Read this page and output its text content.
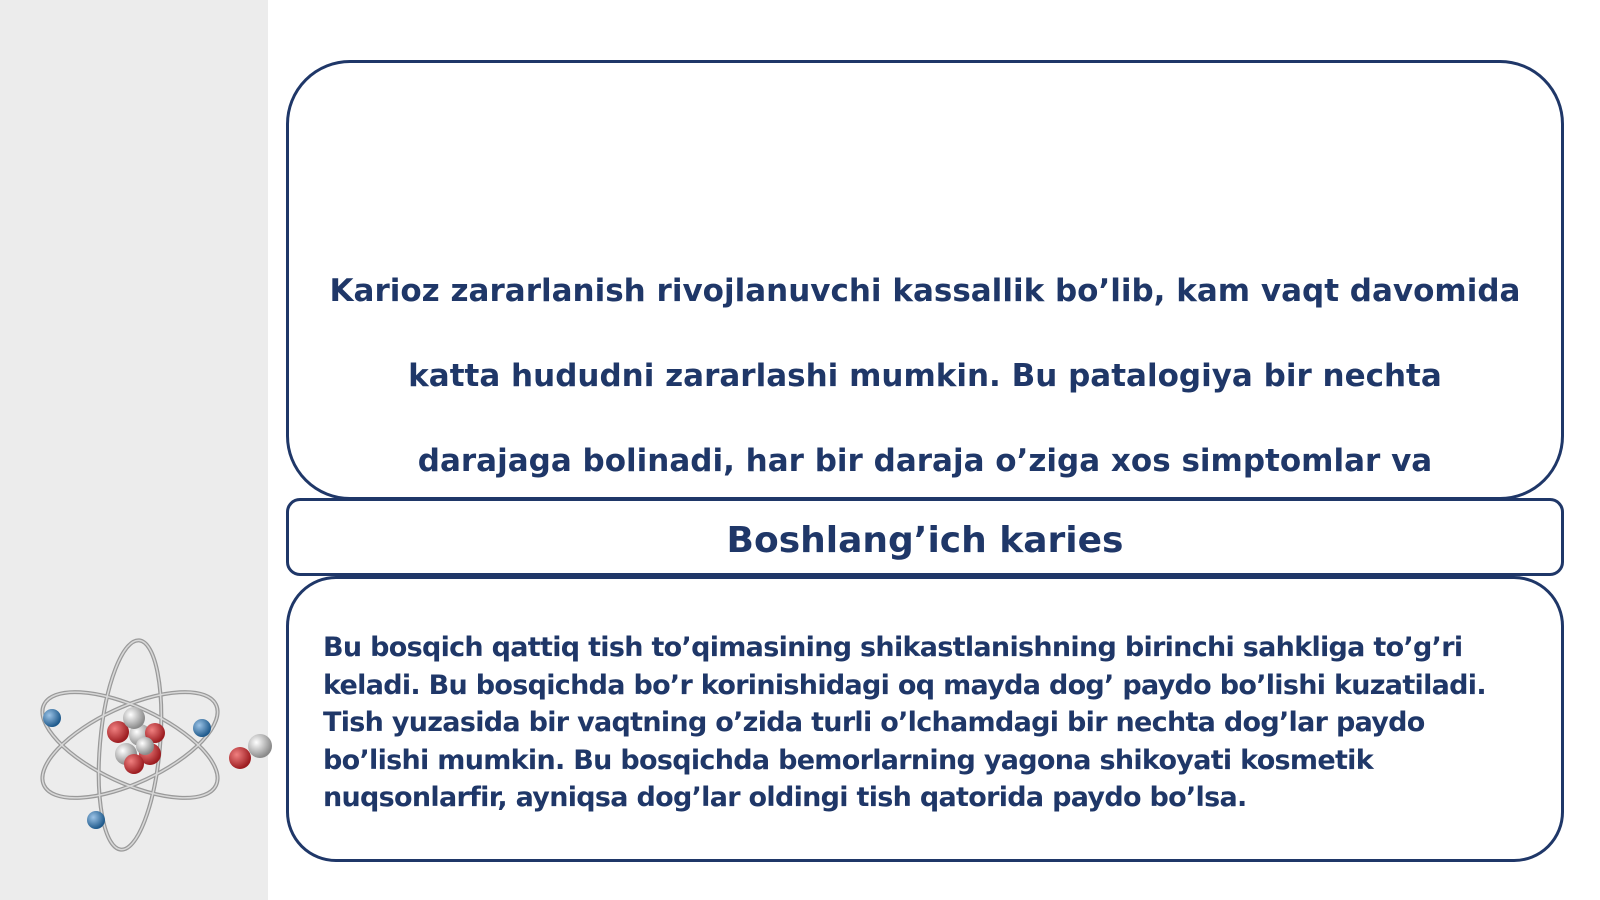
Karioz zararlanish rivojlanuvchi kassallik bo’lib, kam vaqt davomida katta hududni zararlashi mumkin. Bu patalogiya bir nechta darajaga bolinadi, har bir daraja o’ziga xos simptomlar va

Boshlang’ich karies

Bu bosqich qattiq tish to’qimasining shikastlanishning birinchi sahkliga to’g’ri keladi. Bu bosqichda bo’r korinishidagi oq mayda dog’ paydo bo’lishi kuzatiladi. Tish yuzasida bir vaqtning o’zida turli o’lchamdagi bir nechta dog’lar paydo bo’lishi mumkin. Bu bosqichda bemorlarning yagona shikoyati kosmetik nuqsonlarfir, ayniqsa dog’lar oldingi tish qatorida paydo bo’lsa.
